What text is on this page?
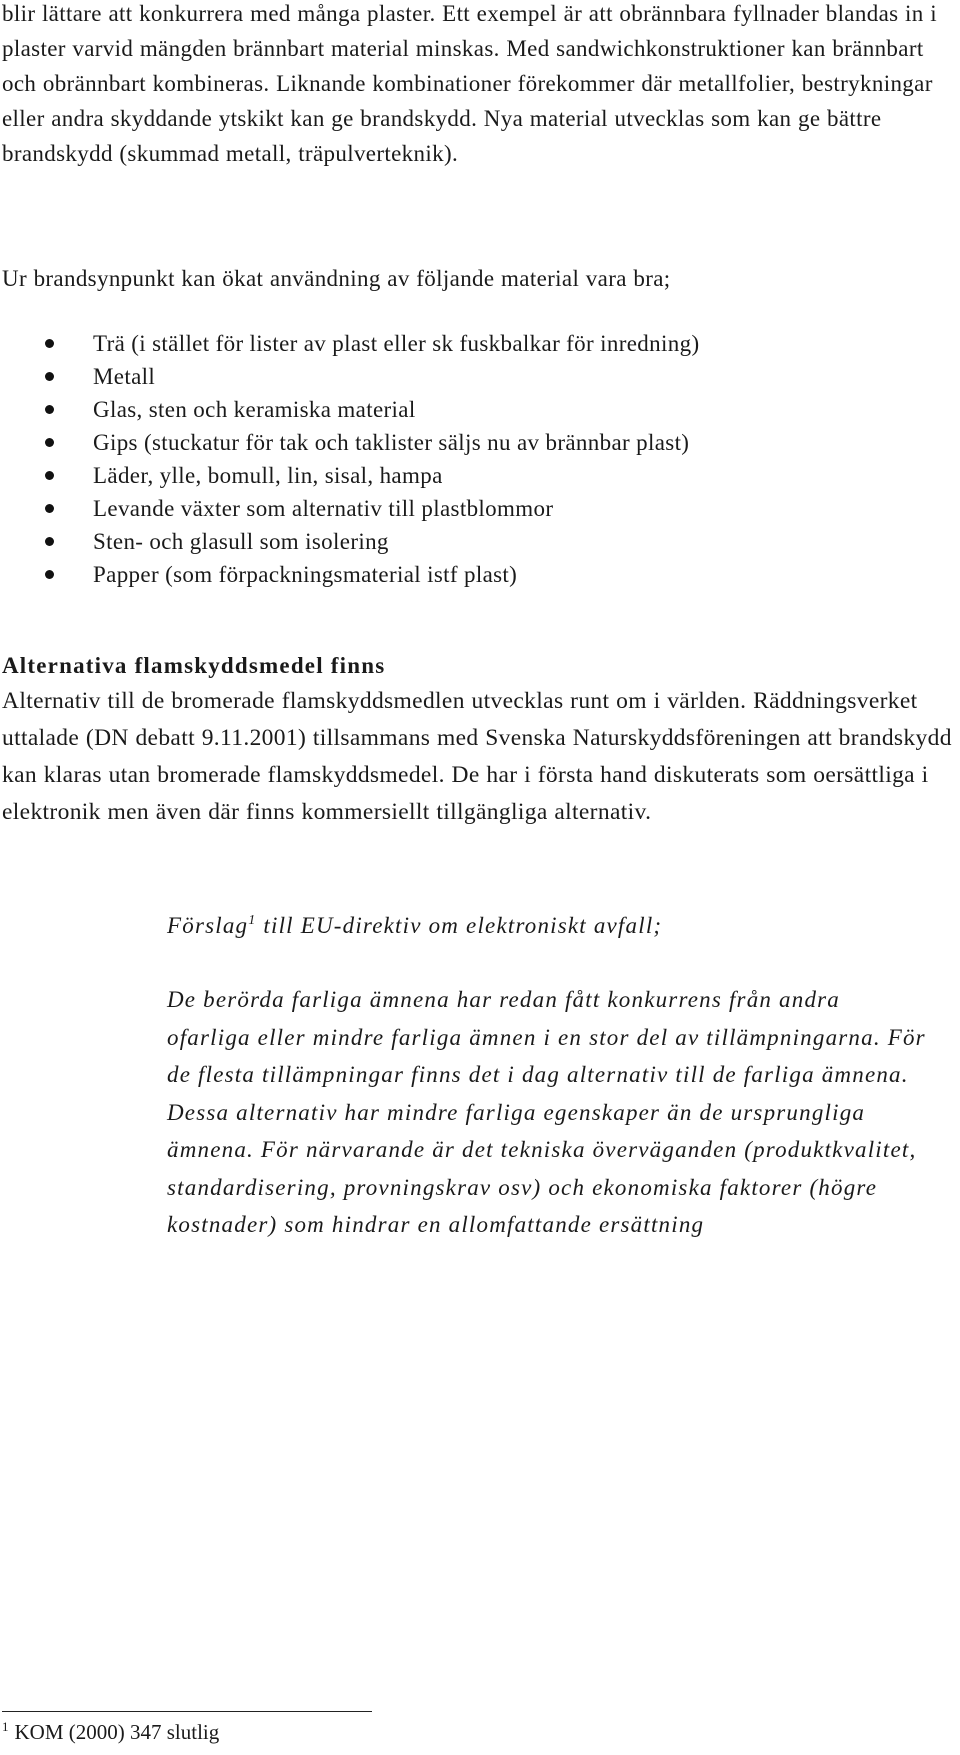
blir lättare att konkurrera med många plaster. Ett exempel är att obrännbara fyllnader blandas in i plaster varvid mängden brännbart material minskas. Med sandwichkonstruktioner kan brännbart och obrännbart kombineras. Liknande kombinationer förekommer där metallfolier, bestrykningar eller andra skyddande ytskikt kan ge brandskydd. Nya material utvecklas som kan ge bättre brandskydd (skummad metall, träpulverteknik).

Ur brandsynpunkt kan ökat användning av följande material vara bra;

Trä (i stället för lister av plast eller sk fuskbalkar för inredning)
Metall
Glas, sten och keramiska material
Gips (stuckatur för tak och taklister säljs nu av brännbar plast)
Läder, ylle, bomull, lin, sisal, hampa
Levande växter som alternativ till plastblommor
Sten- och glasull som isolering
Papper (som förpackningsmaterial istf plast)
Alternativa flamskyddsmedel finns

Alternativ till de bromerade flamskyddsmedlen utvecklas runt om i världen. Räddningsverket uttalade (DN debatt 9.11.2001) tillsammans med Svenska Naturskyddsföreningen att brandskydd kan klaras utan bromerade flamskyddsmedel. De har i första hand diskuterats som oersättliga i elektronik men även där finns kommersiellt tillgängliga alternativ.

Förslag$^1$ till EU-direktiv om elektroniskt avfall;

De berörda farliga ämnena har redan fått konkurrens från andra ofarliga eller mindre farliga ämnen i en stor del av tillämpningarna. För de flesta tillämpningar finns det i dag alternativ till de farliga ämnena. Dessa alternativ har mindre farliga egenskaper än de ursprungliga ämnena. För närvarande är det tekniska överväganden (produktkvalitet, standardisering, provningskrav osv) och ekonomiska faktorer (högre kostnader) som hindrar en allomfattande ersättning

$^1$ KOM (2000) 347 slutlig
